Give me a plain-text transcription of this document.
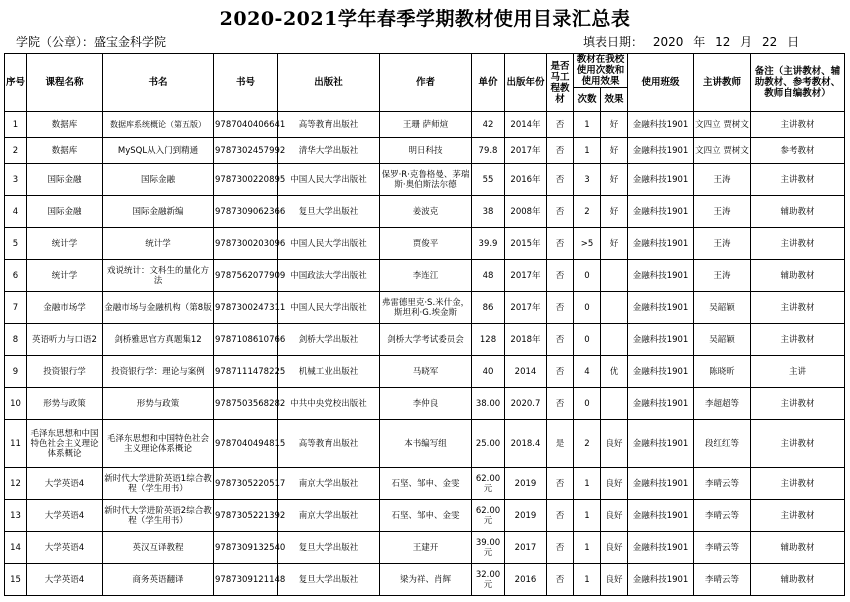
2020-2021学年春季学期教材使用目录汇总表
学院（公章）：盛宝金科学院	填表日期： 2020 年 12 月 22 日
序号	课程名称	书名	书号	出版社	作者	单价	出版年份	是否马工程教材	教材在我校使用次数和使用效果		使用班级	主讲教师	备注（主讲教材、辅助教材、参考教材、教师自编教材）
									次数	效果			
1	数据库	数据库系统概论（第五版）	9787040406641	高等教育出版社	王珊 萨师煊	42	2014年	否	1	好	金融科技1901	文四立 贾树文	主讲教材
2	数据库	MySQL从入门到精通	9787302457992	清华大学出版社	明日科技	79.8	2017年	否	1	好	金融科技1901	文四立 贾树文	参考教材
3	国际金融	国际金融	9787300220895	中国人民大学出版社	保罗·R·克鲁格曼、茅瑞斯·奥伯斯法尔德	55	2016年	否	3	好	金融科技1901	王涛	主讲教材
4	国际金融	国际金融新编	9787309062366	复旦大学出版社	姜波克	38	2008年	否	2	好	金融科技1901	王涛	辅助教材
5	统计学	统计学	9787300203096	中国人民大学出版社	贾俊平	39.9	2015年	否	>5	好	金融科技1901	王涛	主讲教材
6	统计学	戏说统计：文科生的量化方法	9787562077909	中国政法大学出版社	李连江	48	2017年	否	0		金融科技1901	王涛	辅助教材
7	金融市场学	金融市场与金融机构（第8版	9787300247311	中国人民大学出版社	弗雷德里克·S.米什金，斯坦利·G.埃金斯	86	2017年	否	0		金融科技1901	吴韶颖	主讲教材
8	英语听力与口语2	剑桥雅思官方真题集12	9787108610766	剑桥大学出版社	剑桥大学考试委员会	128	2018年	否	0		金融科技1901	吴韶颖	主讲教材
9	投资银行学	投资银行学：理论与案例	9787111478225	机械工业出版社	马晓军	40	2014	否	4	优	金融科技1901	陈晓昕	主讲
10	形势与政策	形势与政策	9787503568282	中共中央党校出版社	李仲良	38.00	2020.7	否	0		金融科技1901	李超超等	主讲教材
11	毛泽东思想和中国特色社会主义理论体系概论	毛泽东思想和中国特色社会主义理论体系概论	9787040494815	高等教育出版社	本书编写组	25.00	2018.4	是	2	良好	金融科技1901	段红红等	主讲教材
12	大学英语4	新时代大学进阶英语1综合教程（学生用书）	9787305220517	南京大学出版社	石坚、邹申、金雯	62.00元	2019	否	1	良好	金融科技1901	李晴云等	主讲教材
13	大学英语4	新时代大学进阶英语2综合教程（学生用书）	9787305221392	南京大学出版社	石坚、邹申、金雯	62.00元	2019	否	1	良好	金融科技1901	李晴云等	主讲教材
14	大学英语4	英汉互译教程	9787309132540	复旦大学出版社	王建开	39.00元	2017	否	1	良好	金融科技1901	李晴云等	辅助教材
15	大学英语4	商务英语翻译	9787309121148	复旦大学出版社	梁为祥、肖辉	32.00元	2016	否	1	良好	金融科技1901	李晴云等	辅助教材
